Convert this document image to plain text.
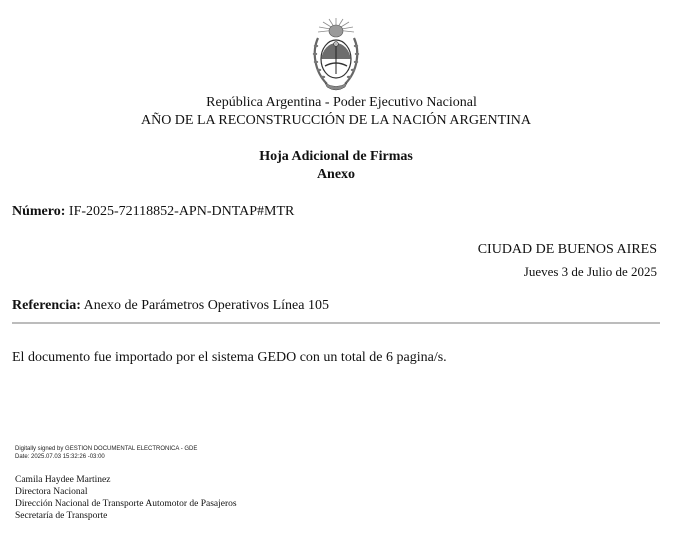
República Argentina - Poder Ejecutivo Nacional
AÑO DE LA RECONSTRUCCIÓN DE LA NACIÓN ARGENTINA
Hoja Adicional de Firmas
Anexo
Número: IF-2025-72118852-APN-DNTAP#MTR
CIUDAD DE BUENOS AIRES
Jueves 3 de Julio de 2025
Referencia: Anexo de Parámetros Operativos Línea 105
El documento fue importado por el sistema GEDO con un total de 6 pagina/s.
Digitally signed by GESTION DOCUMENTAL ELECTRONICA - GDE
Date: 2025.07.03 15:32:26 -03:00
Camila Haydee Martinez
Directora Nacional
Dirección Nacional de Transporte Automotor de Pasajeros
Secretaría de Transporte
